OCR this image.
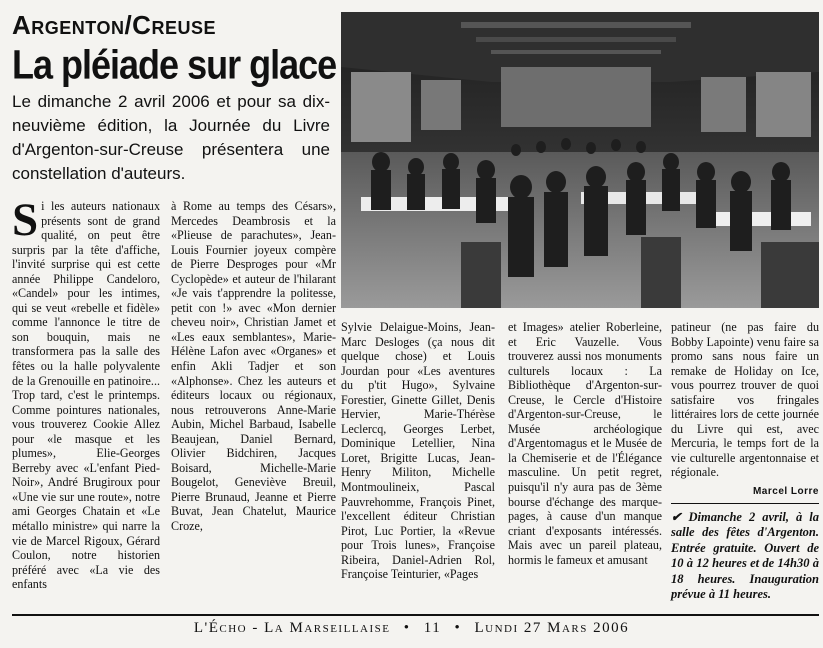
Argenton/Creuse
La pléiade sur glace
Le dimanche 2 avril 2006 et pour sa dix-neuvième édition, la Journée du Livre d'Argenton-sur-Creuse présentera une constellation d'auteurs.
S i les auteurs nationaux présents sont de grand qualité, on peut être surpris par la tête d'affiche, l'invité surprise qui est cette année Philippe Candeloro, «Candel» pour les intimes, qui se veut «rebelle et fidèle» comme l'annonce le titre de son bouquin, mais ne transformera pas la salle des fêtes ou la halle polyvalente de la Grenouille en patinoire... Trop tard, c'est le printemps. Comme pointures nationales, vous trouverez Cookie Allez pour «le masque et les plumes», Elie-Georges Berreby avec «L'enfant Pied-Noir», André Brugiroux pour «Une vie sur une route», notre ami Georges Chatain et «Le métallo ministre» qui narre la vie de Marcel Rigoux, Gérard Coulon, notre historien préféré avec «La vie des enfants

à Rome au temps des Césars», Mercedes Deambrosis et la «Plieuse de parachutes», Jean-Louis Fournier joyeux compère de Pierre Desproges pour «Mr Cyclopède» et auteur de l'hilarant «Je vais t'apprendre la politesse, petit con !» avec «Mon dernier cheveu noir», Christian Jamet et «Les eaux semblantes», Marie-Hélène Lafon avec «Organes» et enfin Akli Tadjer et son «Alphonse». Chez les auteurs et éditeurs locaux ou régionaux, nous retrouverons Anne-Marie Aubin, Michel Barbaud, Isabelle Beaujean, Daniel Bernard, Olivier Bidchiren, Jacques Boisard, Michelle-Marie Bougelot, Geneviève Breuil, Pierre Brunaud, Jeanne et Pierre Buvat, Jean Chatelut, Maurice Croze,

Sylvie Delaigue-Moins, Jean-Marc Desloges (ça nous dit quelque chose) et Louis Jourdan pour «Les aventures du p'tit Hugo», Sylvaine Forestier, Ginette Gillet, Denis Hervier, Marie-Thérèse Leclercq, Georges Lerbet, Dominique Letellier, Nina Loret, Brigitte Lucas, Jean-Henry Militon, Michelle Montmoulineix, Pascal Pauvrehomme, François Pinet, l'excellent éditeur Christian Pirot, Luc Portier, la «Revue pour Trois lunes», Françoise Ribeira, Daniel-Adrien Rol, Françoise Teinturier, «Pages

et Images» atelier Roberleine, et Eric Vauzelle. Vous trouverez aussi nos monuments culturels locaux : La Bibliothèque d'Argenton-sur-Creuse, le Cercle d'Histoire d'Argenton-sur-Creuse, le Musée archéologique d'Argentomagus et le Musée de la Chemiserie et de l'Élégance masculine. Un petit regret, puisqu'il n'y aura pas de 3ème bourse d'échange des marque-pages, à cause d'un manque criant d'exposants intéressés. Mais avec un pareil plateau, hormis le fameux et amusant

patineur (ne pas faire du Bobby Lapointe) venu faire sa promo sans nous faire un remake de Holiday on Ice, vous pourrez trouver de quoi satisfaire vos fringales littéraires lors de cette journée du Livre qui est, avec Mercuria, le temps fort de la vie culturelle argentonnaise et régionale.

Marcel Lorre
✔ Dimanche 2 avril, à la salle des fêtes d'Argenton. Entrée gratuite. Ouvert de 10 à 12 heures et de 14h30 à 18 heures. Inauguration prévue à 11 heures.
L'Écho - La Marseillaise • 11 • Lundi 27 Mars 2006
